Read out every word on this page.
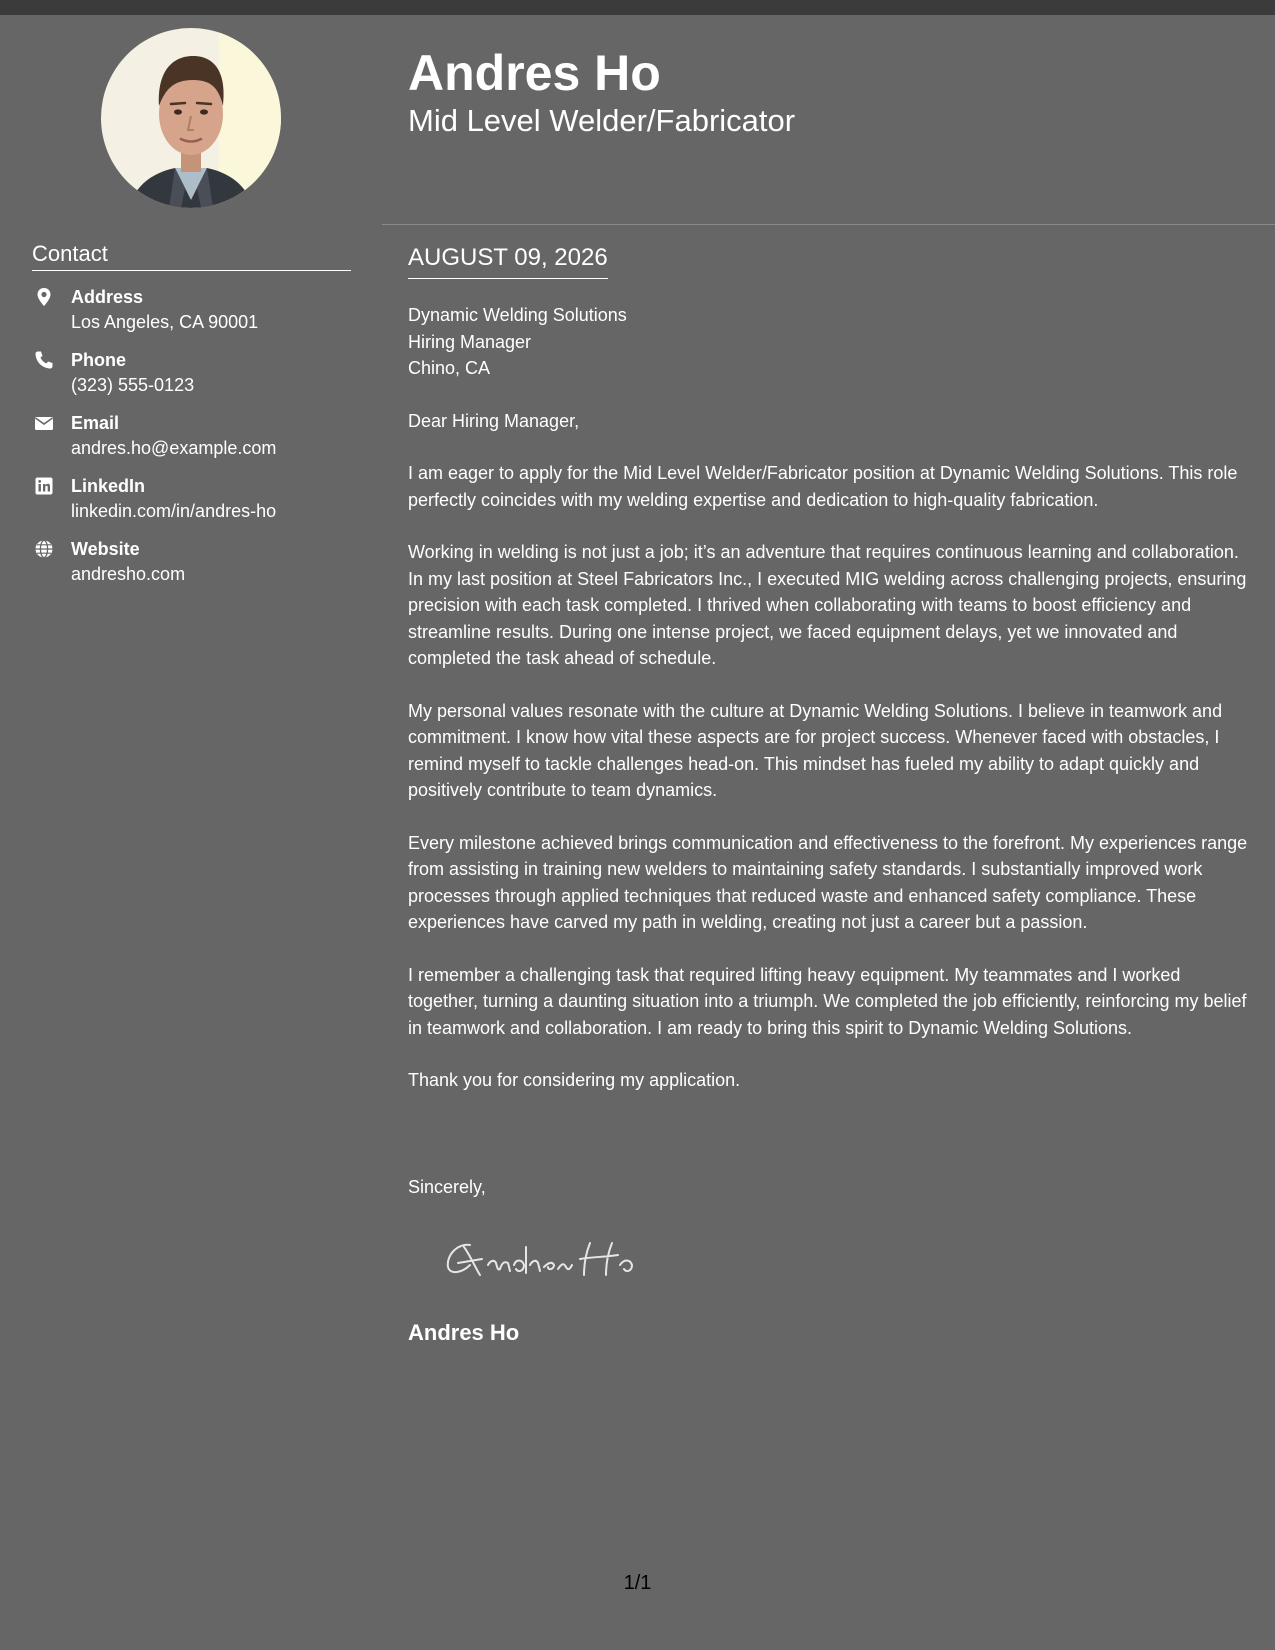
Contact
Address
Los Angeles, CA 90001
Phone
(323) 555-0123
Email
andres.ho@example.com
LinkedIn
linkedin.com/in/andres-ho
Website
andresho.com
Andres Ho
Mid Level Welder/Fabricator
AUGUST 09, 2026
Dynamic Welding Solutions
Hiring Manager
Chino, CA

Dear Hiring Manager,

I am eager to apply for the Mid Level Welder/Fabricator position at Dynamic Welding Solutions. This role perfectly coincides with my welding expertise and dedication to high-quality fabrication.

Working in welding is not just a job; it’s an adventure that requires continuous learning and collaboration. In my last position at Steel Fabricators Inc., I executed MIG welding across challenging projects, ensuring precision with each task completed. I thrived when collaborating with teams to boost efficiency and streamline results. During one intense project, we faced equipment delays, yet we innovated and completed the task ahead of schedule.

My personal values resonate with the culture at Dynamic Welding Solutions. I believe in teamwork and commitment. I know how vital these aspects are for project success. Whenever faced with obstacles, I remind myself to tackle challenges head-on. This mindset has fueled my ability to adapt quickly and positively contribute to team dynamics.

Every milestone achieved brings communication and effectiveness to the forefront. My experiences range from assisting in training new welders to maintaining safety standards. I substantially improved work processes through applied techniques that reduced waste and enhanced safety compliance. These experiences have carved my path in welding, creating not just a career but a passion.

I remember a challenging task that required lifting heavy equipment. My teammates and I worked together, turning a daunting situation into a triumph. We completed the job efficiently, reinforcing my belief in teamwork and collaboration. I am ready to bring this spirit to Dynamic Welding Solutions.

Thank you for considering my application.

Sincerely,
Andres Ho
1/1
